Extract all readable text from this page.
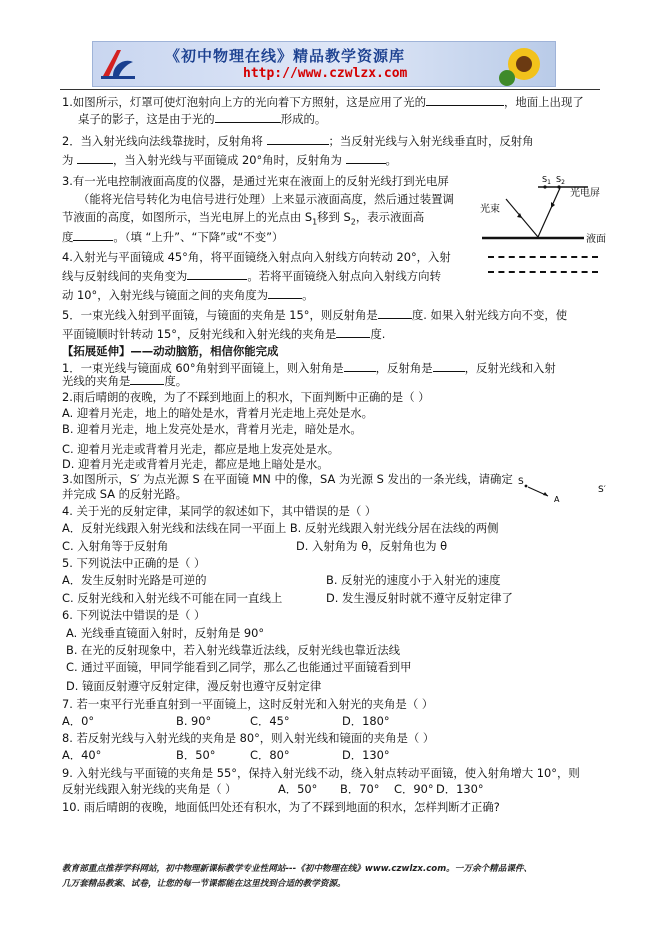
《初中物理在线》精品教学资源库
http://www.czwlzx.com
1.如图所示，灯罩可使灯泡射向上方的光向着下方照射，这是应用了光的	，地面上出现了
桌子的影子，这是由于光的	形成的。
2．当入射光线向法线靠拢时，反射角将	；当反射光线与入射光线垂直时，反射角
为	，当入射光线与平面镜成 20°角时，反射角为	。
3.有一光电控制液面高度的仪器，是通过光束在液面上的反射光线打到光电屏
（能将光信号转化为电信号进行处理）上来显示液面高度，然后通过装置调
节液面的高度，如图所示，当光电屏上的光点由 $S_1$移到 $S_2$，表示液面高
度	。（填 “上升”、“下降”或“不变”）
光束
$S_1$ $S_2$
光电屏
液面
4.入射光与平面镜成 45°角，将平面镜绕入射点向入射线方向转动 20°，入射
线与反射线间的夹角变为	。若将平面镜绕入射点向入射线方向转
动 10°，入射光线与镜面之间的夹角度为	。
5．一束光线入射到平面镜，与镜面的夹角是 15°，则反射角是	度. 如果入射光线方向不变，使
平面镜顺时针转动 15°，反射光线和入射光线的夹角是	度.
【拓展延伸】——动动脑筋，相信你能完成
1．一束光线与镜面成 60°角射到平面镜上，则入射角是	，反射角是	，反射光线和入射
光线的夹角是	度。
2.雨后晴朗的夜晚，为了不踩到地面上的积水，下面判断中正确的是（ ）
A. 迎着月光走，地上的暗处是水，背着月光走地上亮处是水。
B. 迎着月光走，地上发亮处是水，背着月光走，暗处是水。
C. 迎着月光走或背着月光走，都应是地上发亮处是水。
D. 迎着月光走或背着月光走，都应是地上暗处是水。
3.如图所示，S′ 为点光源 S 在平面镜 MN 中的像，SA 为光源 S 发出的一条光线，请确定
并完成 SA 的反射光路。
S
A
S′
4. 关于光的反射定律，某同学的叙述如下，其中错误的是（ ）
A．反射光线跟入射光线和法线在同一平面上 B. 反射光线跟入射光线分居在法线的两侧
C. 入射角等于反射角	D. 入射角为 θ，反射角也为 θ
5. 下列说法中正确的是（ ）
A．发生反射时光路是可逆的	B. 反射光的速度小于入射光的速度
C. 反射光线和入射光线不可能在同一直线上	D. 发生漫反射时就不遵守反射定律了
6. 下列说法中错误的是（ ）
A. 光线垂直镜面入射时，反射角是 90°
B. 在光的反射现象中，若入射光线靠近法线，反射光线也靠近法线
C. 通过平面镜，甲同学能看到乙同学，那么乙也能通过平面镜看到甲
D. 镜面反射遵守反射定律，漫反射也遵守反射定律
7. 若一束平行光垂直射到一平面镜上，这时反射光和入射光的夹角是（ ）
A．0°	B. 90°	C．45°	D．180°
8. 若反射光线与入射光线的夹角是 80°，则入射光线和镜面的夹角是（ ）
A．40°	B．50°	C．80°	D．130°
9. 入射光线与平面镜的夹角是 55°，保持入射光线不动，绕入射点转动平面镜，使入射角增大 10°，则
反射光线跟入射光线的夹角是（ ）	A．50° B．70° C．90° D．130°
10. 雨后晴朗的夜晚，地面低凹处还有积水，为了不踩到地面的积水，怎样判断才正确?
教育部重点推荐学科网站，初中物理新课标教学专业性网站---《初中物理在线》www.czwlzx.com。一万余个精品课件、
几万套精品教案、试卷，让您的每一节课都能在这里找到合适的教学资源。
